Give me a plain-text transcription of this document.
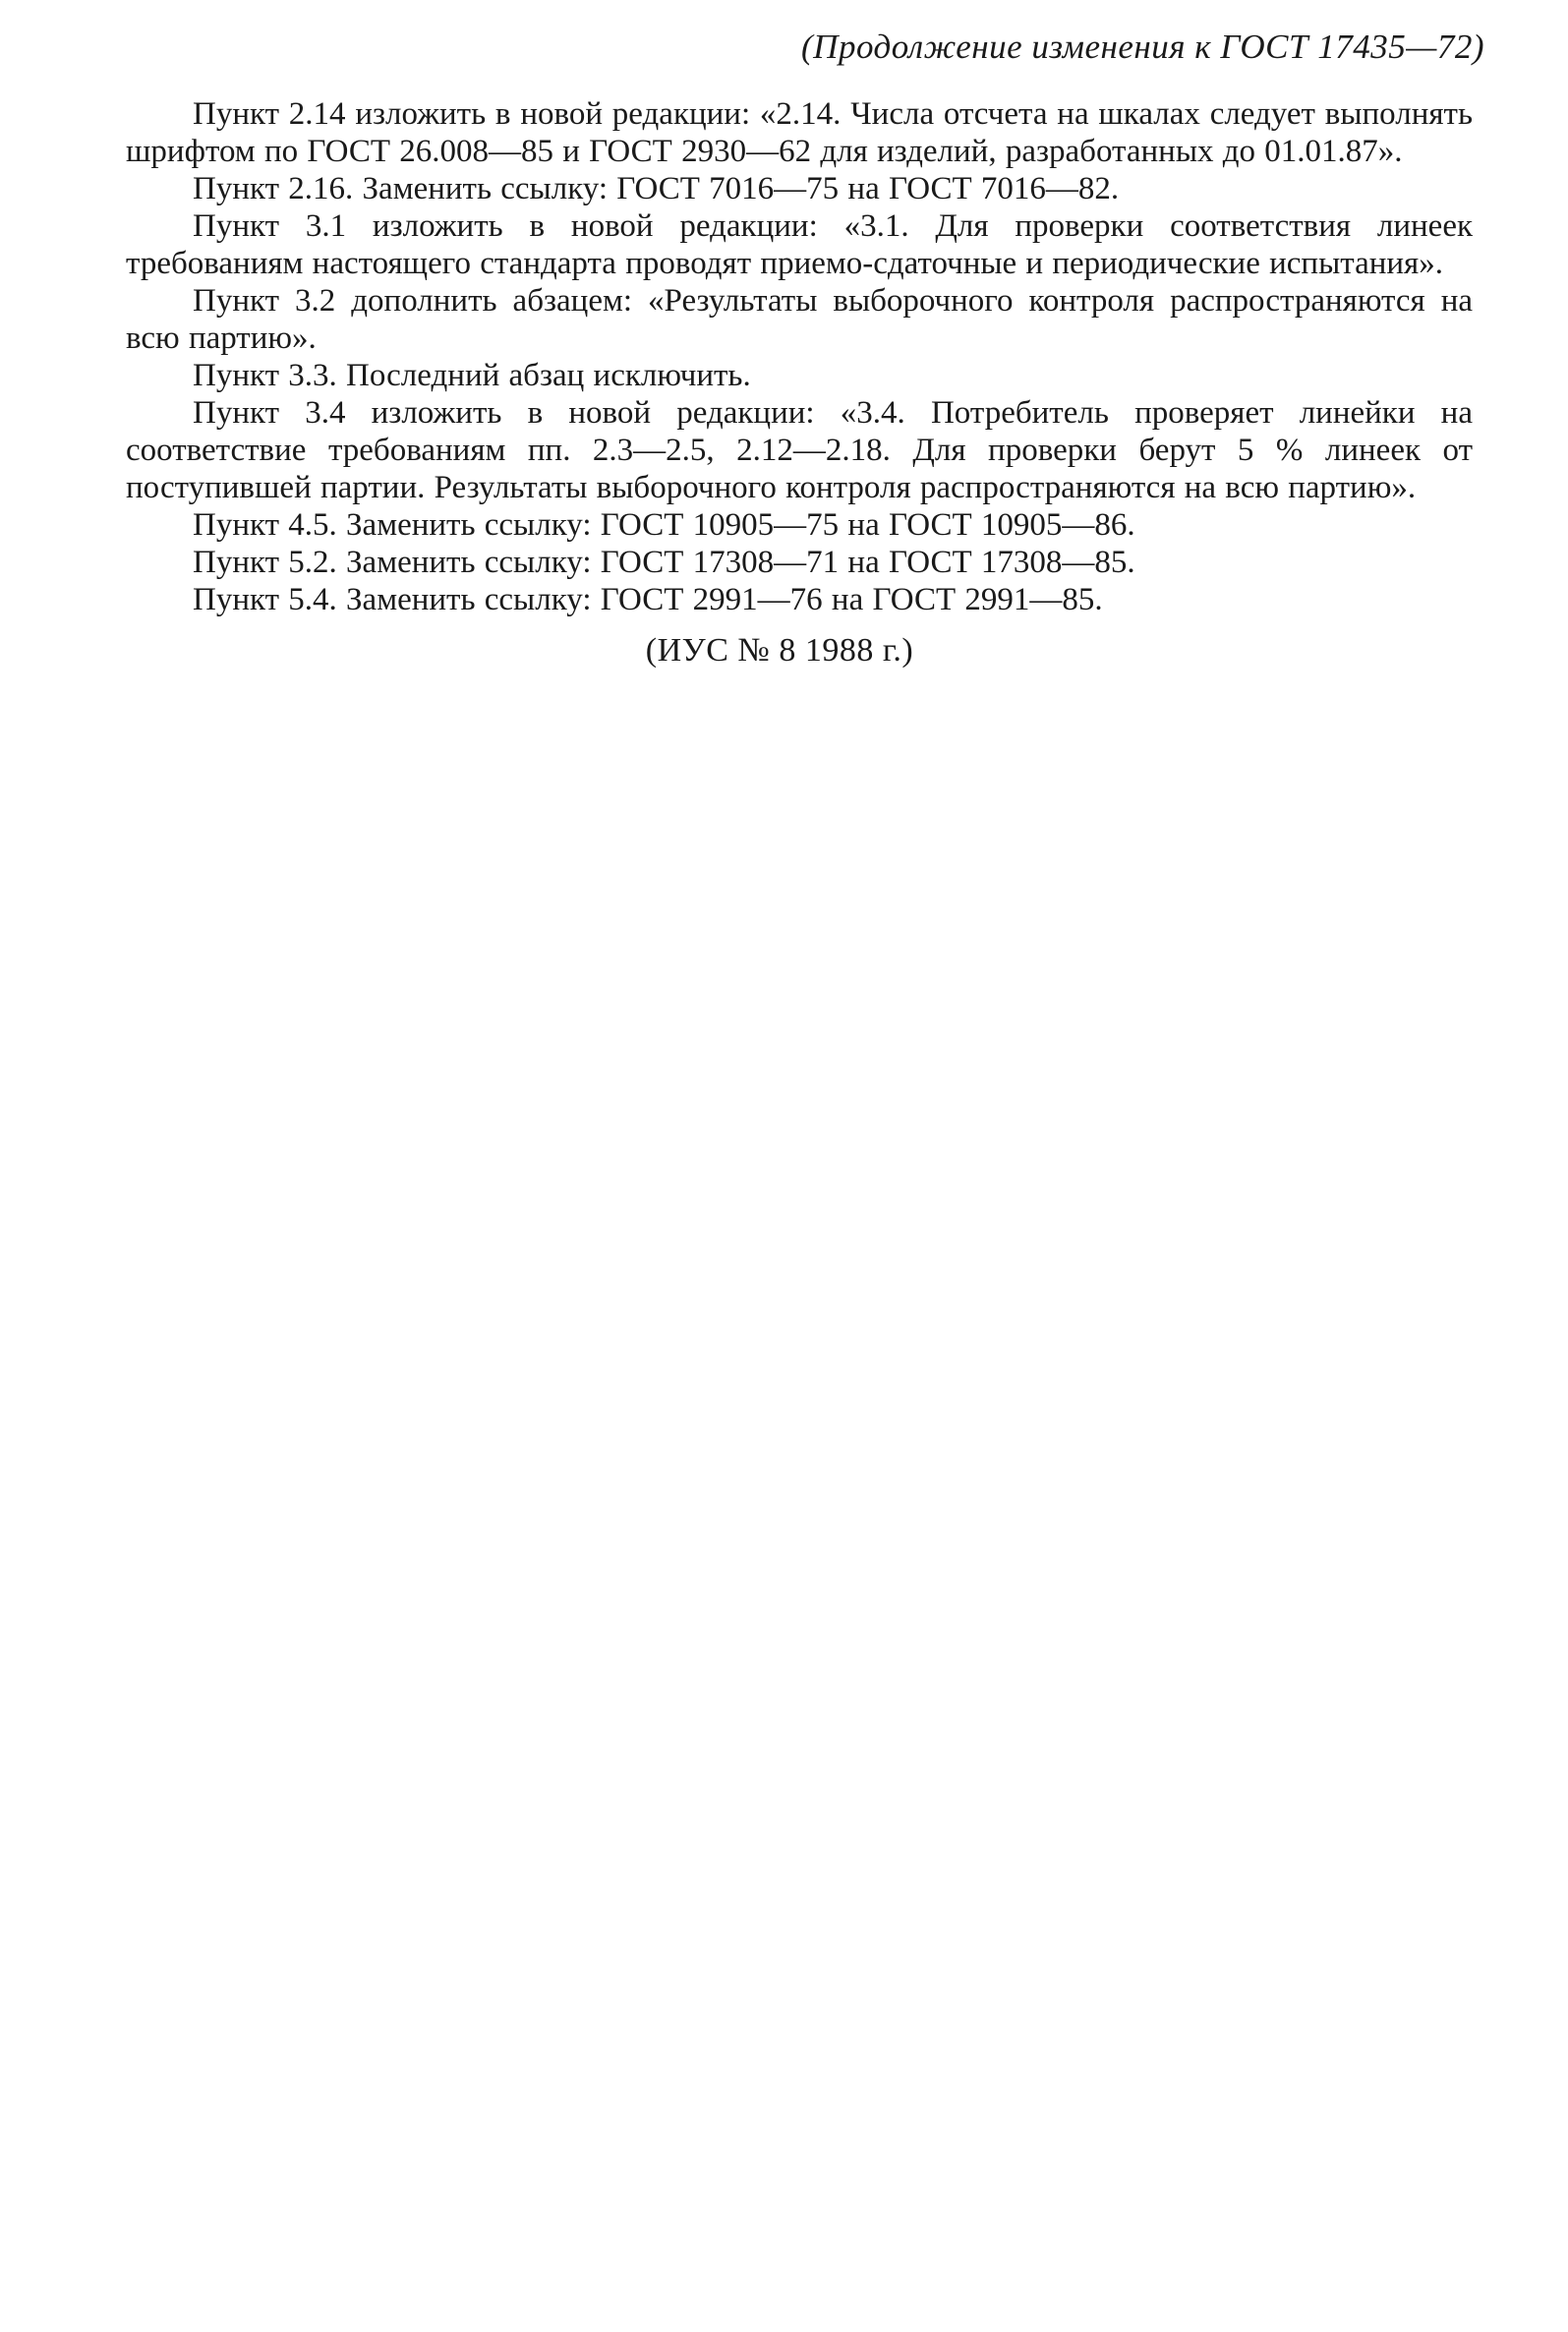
(Продолжение изменения к ГОСТ 17435—72)

Пункт 2.14 изложить в новой редакции: «2.14. Числа отсчета на шкалах следует выполнять шрифтом по ГОСТ 26.008—85 и ГОСТ 2930—62 для изделий, разработанных до 01.01.87».

Пункт 2.16. Заменить ссылку: ГОСТ 7016—75 на ГОСТ 7016—82.

Пункт 3.1 изложить в новой редакции: «3.1. Для проверки соответствия линеек требованиям настоящего стандарта проводят приемо-сдаточные и периодические испытания».

Пункт 3.2 дополнить абзацем: «Результаты выборочного контроля распространяются на всю партию».

Пункт 3.3. Последний абзац исключить.

Пункт 3.4 изложить в новой редакции: «3.4. Потребитель проверяет линейки на соответствие требованиям пп. 2.3—2.5, 2.12—2.18. Для проверки берут 5 % линеек от поступившей партии. Результаты выборочного контроля распространяются на всю партию».

Пункт 4.5. Заменить ссылку: ГОСТ 10905—75 на ГОСТ 10905—86.

Пункт 5.2. Заменить ссылку: ГОСТ 17308—71 на ГОСТ 17308—85.

Пункт 5.4. Заменить ссылку: ГОСТ 2991—76 на ГОСТ 2991—85.

(ИУС № 8 1988 г.)
